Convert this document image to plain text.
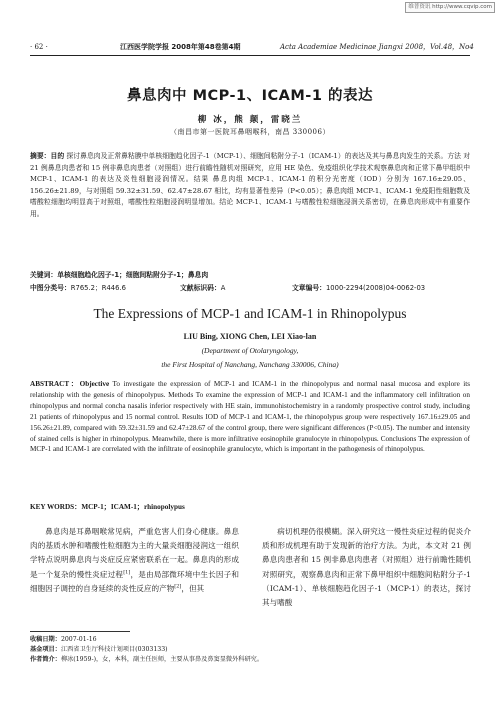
维普资讯 http://www.cqvip.com
· 62 ·	江西医学院学报 2008年第48卷第4期	Acta Academiae Medicinae Jiangxi 2008，Vol.48，No4
鼻息肉中 MCP-1、ICAM-1 的表达
柳 冰，熊 颠，雷晓兰
（南昌市第一医院耳鼻咽喉科，南昌 330006）

摘要：目的 探讨鼻息肉及正常鼻粘膜中单核细胞趋化因子-1（MCP-1）、细胞间粘附分子-1（ICAM-1）的表达及其与鼻息肉发生的关系。方法 对 21 例鼻息肉患者和 15 例非鼻息肉患者（对照组）进行前瞻性随机对照研究，应用 HE 染色、免疫组织化学技术观察鼻息肉和正常下鼻甲组织中 MCP-1、ICAM-1 的表达及炎性细胞浸润情况。结果 鼻息肉组 MCP-1、ICAM-1 的积分光密度（IOD）分别为 167.16±29.05、156.26±21.89，与对照组 59.32±31.59、62.47±28.67 相比，均有显著性差异（P<0.05）；鼻息肉组 MCP-1、ICAM-1 免疫阳性细胞数及嗜酸粒细胞均明显高于对照组，嗜酸性粒细胞浸润明显增加。结论 MCP-1、ICAM-1 与嗜酸性粒细胞浸润关系密切，在鼻息肉形成中有重要作用。

关键词：单核细胞趋化因子-1；细胞间粘附分子-1；鼻息肉
中图分类号：R765.2；R446.6	文献标识码：A	文章编号：1000-2294(2008)04-0062-03
The Expressions of MCP-1 and ICAM-1 in Rhinopolypus
LIU Bing, XIONG Chen, LEI Xiao-lan
(Department of Otolaryngology,
the First Hospital of Nanchang, Nanchang 330006, China)

ABSTRACT：Objective To investigate the expression of MCP-1 and ICAM-1 in the rhinopolypus and normal nasal mucosa and explore its relationship with the genesis of rhinopolypus. Methods To examine the expression of MCP-1 and ICAM-1 and the inflammatory cell infiltration on rhinopolypus and normal concha nasalis inferior respectively with HE stain, immunohistochemistry in a randomly prospective control study, including 21 patients of rhinopolypus and 15 normal control. Results IOD of MCP-1 and ICAM-1, the rhinopolypus group were respectively 167.16±29.05 and 156.26±21.89, compared with 59.32±31.59 and 62.47±28.67 of the control group, there were significant differences (P<0.05). The number and intensity of stained cells is higher in rhinopolypus. Meanwhile, there is more infiltrative eosinophile granulocyte in rhinopolypus. Conclusions The expression of MCP-1 and ICAM-1 are correlated with the infiltrate of eosinophile granulocyte, which is important in the pathogenesis of rhinopolypus.

KEY WORDS：MCP-1；ICAM-1；rhinopolypus

鼻息肉是耳鼻咽喉常见病，严重危害人们身心健康。鼻息肉的基质水肿和嗜酸性粒细胞为主的大量炎细胞浸润这一组织学特点说明鼻息肉与炎症反应紧密联系在一起。鼻息肉的形成是一个复杂的慢性炎症过程[1]，是由局部微环境中生长因子和细胞因子调控的自身延续的炎性反应的产物[2]，但其

病切机理仍很模糊。深入研究这一慢性炎症过程的促炎介质和形成机理有助于发现新的治疗方法。为此，本文对 21 例鼻息肉患者和 15 例非鼻息肉患者（对照组）进行前瞻性随机对照研究，观察鼻息肉和正常下鼻甲组织中细胞间粘附分子-1（ICAM-1）、单核细胞趋化因子-1（MCP-1）的表达，探讨其与嗜酸

收稿日期：2007-01-16
基金项目：江西省卫生厅科技计划项目(0303133)
作者简介：柳冰(1959-)，女，本科，副主任医师，主要从事鼻及鼻窦显微外科研究。
